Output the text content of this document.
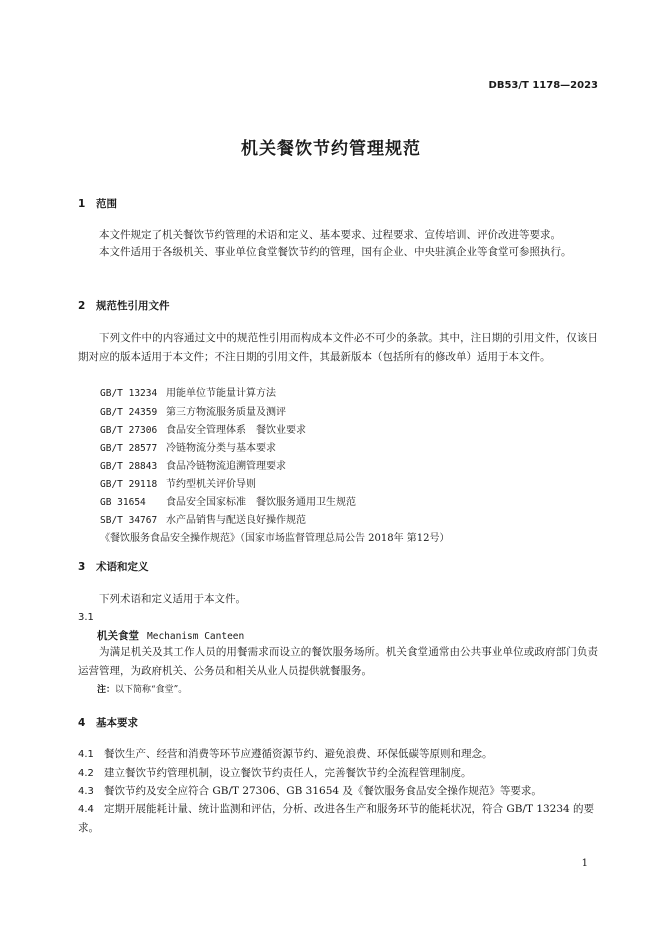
DB53/T 1178—2023
机关餐饮节约管理规范
1 范围
本文件规定了机关餐饮节约管理的术语和定义、基本要求、过程要求、宣传培训、评价改进等要求。
本文件适用于各级机关、事业单位食堂餐饮节约的管理，国有企业、中央驻滇企业等食堂可参照执行。
2 规范性引用文件
下列文件中的内容通过文中的规范性引用而构成本文件必不可少的条款。其中，注日期的引用文件，仅该日期对应的版本适用于本文件；不注日期的引用文件，其最新版本（包括所有的修改单）适用于本文件。
GB/T 13234 用能单位节能量计算方法
GB/T 24359 第三方物流服务质量及测评
GB/T 27306 食品安全管理体系　餐饮业要求
GB/T 28577 冷链物流分类与基本要求
GB/T 28843 食品冷链物流追溯管理要求
GB/T 29118 节约型机关评价导则
GB 31654 食品安全国家标准　餐饮服务通用卫生规范
SB/T 34767 水产品销售与配送良好操作规范
《餐饮服务食品安全操作规范》（国家市场监督管理总局公告 2018年 第12号）
3 术语和定义
下列术语和定义适用于本文件。
3.1
机关食堂 Mechanism Canteen
为满足机关及其工作人员的用餐需求而设立的餐饮服务场所。机关食堂通常由公共事业单位或政府部门负责运营管理，为政府机关、公务员和相关从业人员提供就餐服务。
注：以下简称“食堂”。
4 基本要求
4.1 餐饮生产、经营和消费等环节应遵循资源节约、避免浪费、环保低碳等原则和理念。
4.2 建立餐饮节约管理机制，设立餐饮节约责任人，完善餐饮节约全流程管理制度。
4.3 餐饮节约及安全应符合 GB/T 27306、GB 31654 及《餐饮服务食品安全操作规范》等要求。
4.4 定期开展能耗计量、统计监测和评估，分析、改进各生产和服务环节的能耗状况，符合 GB/T 13234 的要求。
1
